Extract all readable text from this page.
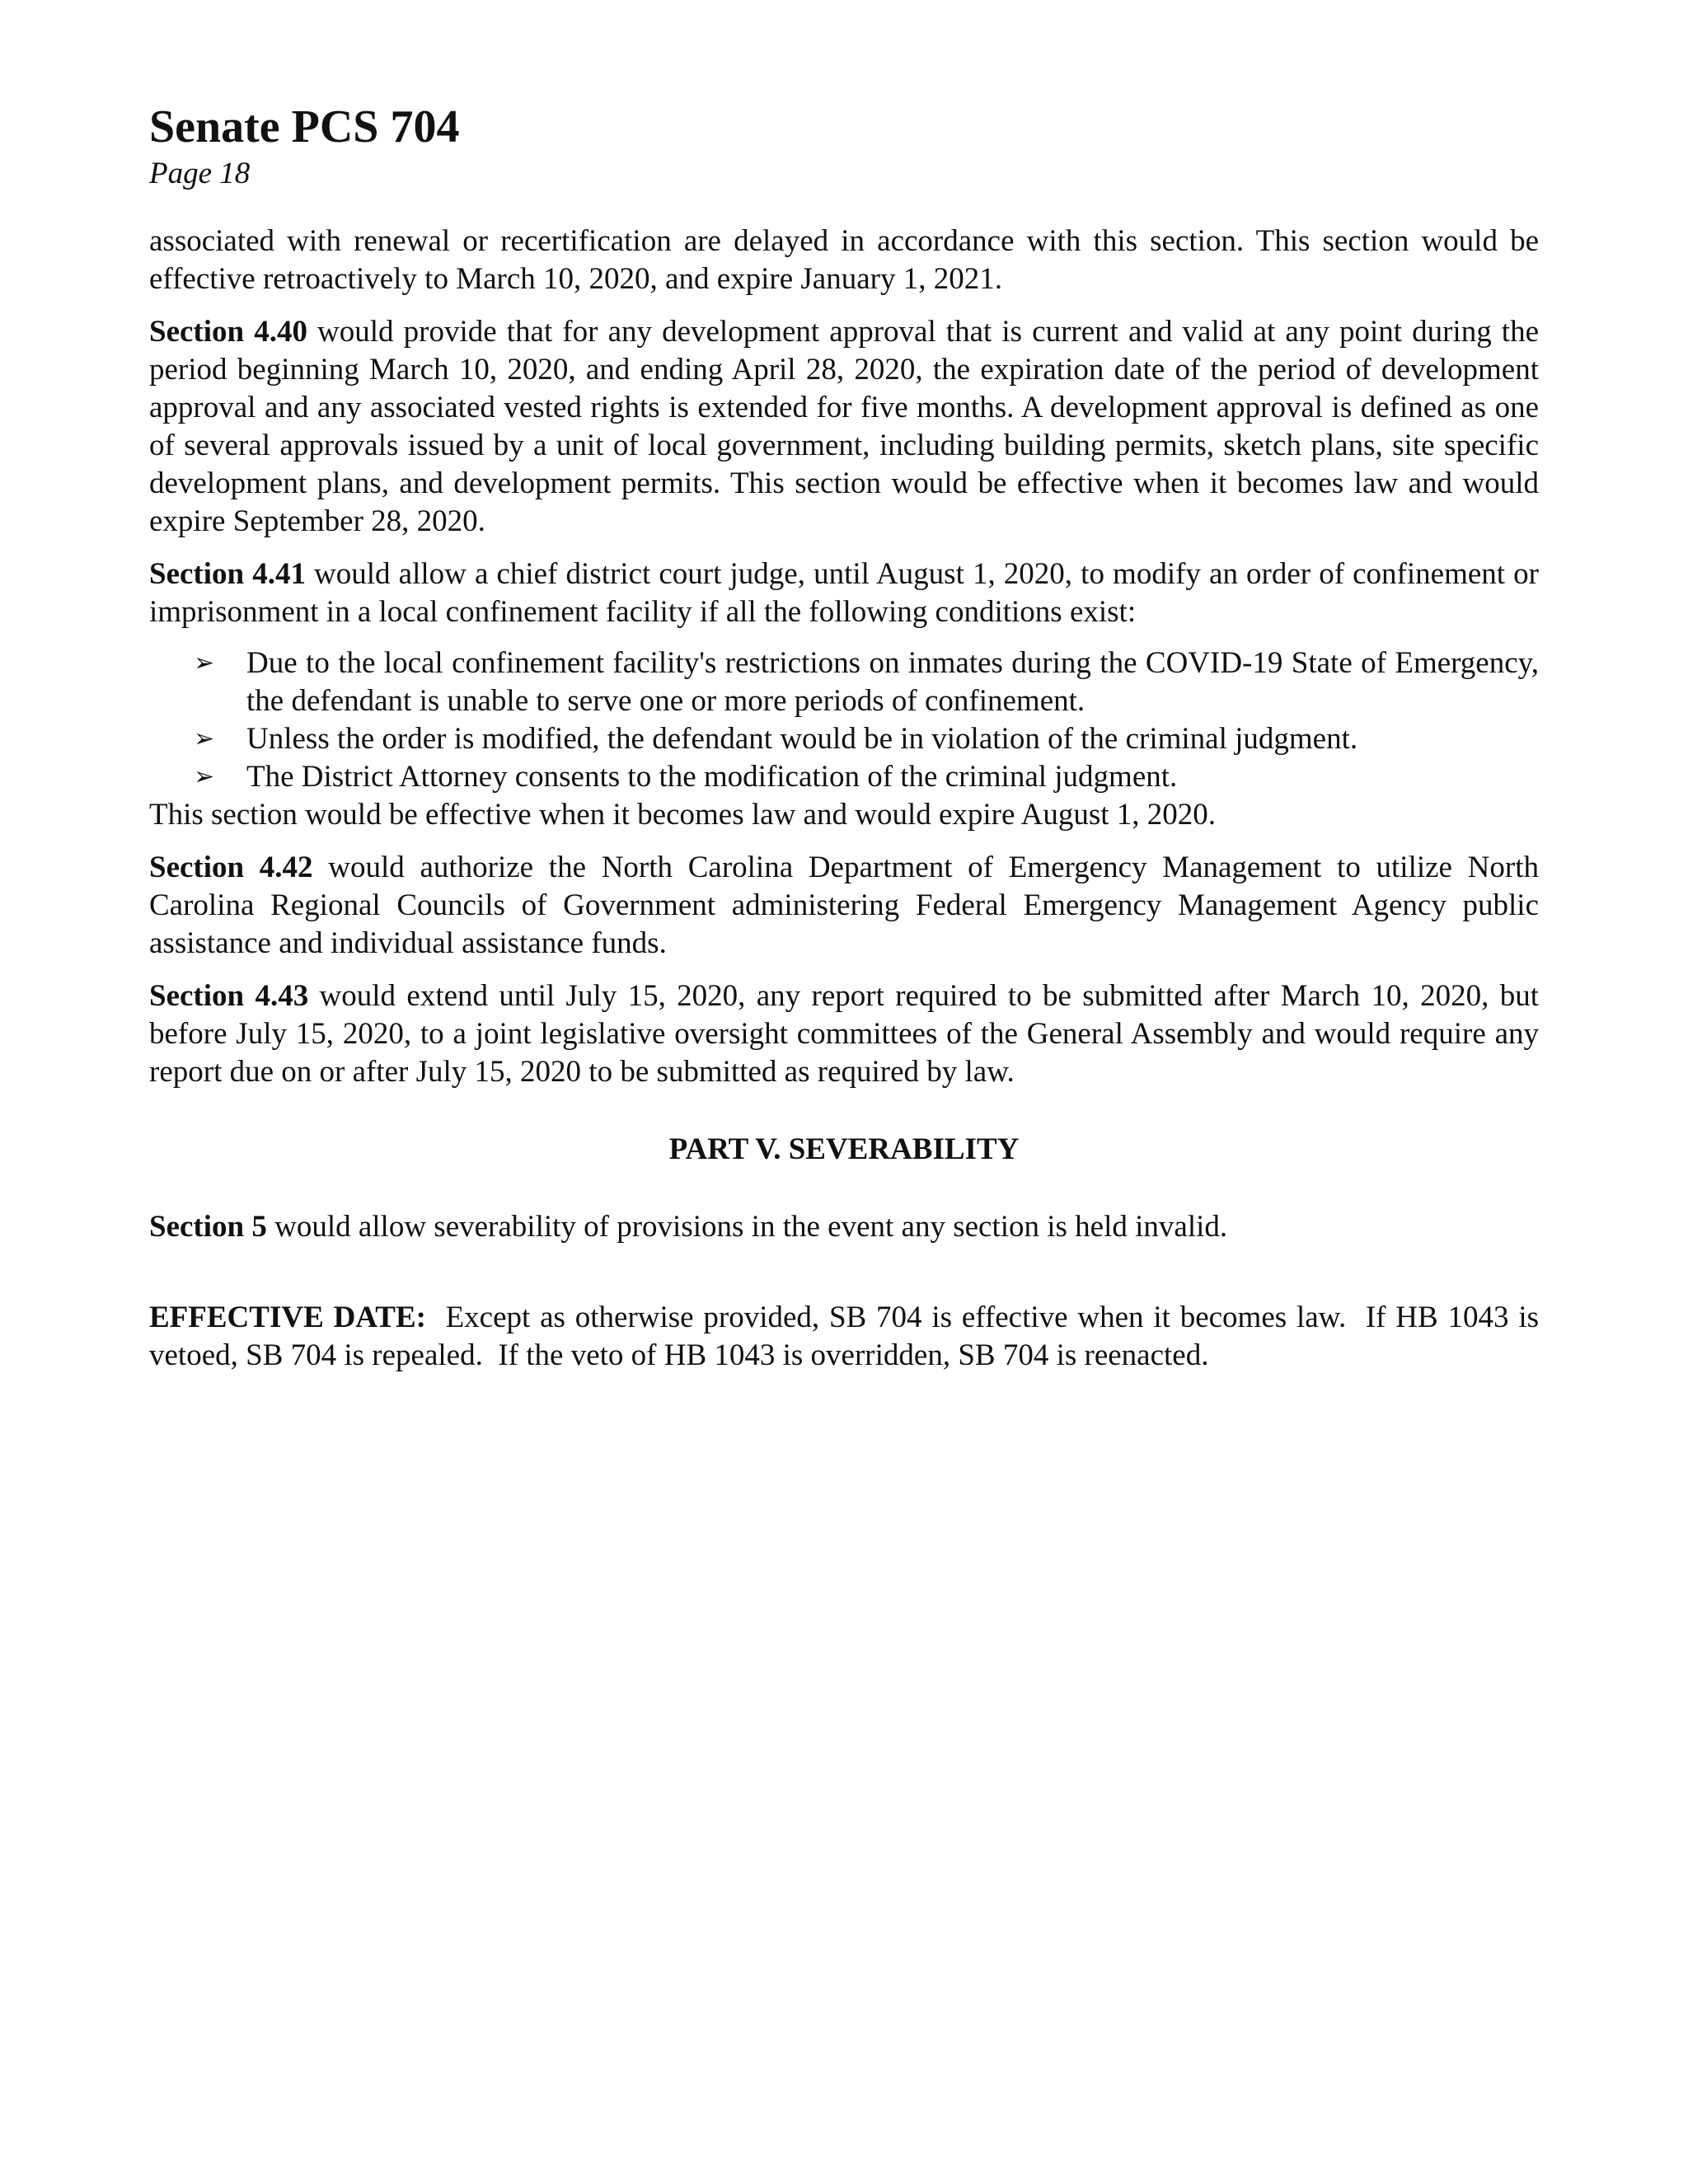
Senate PCS 704
Page 18

associated with renewal or recertification are delayed in accordance with this section. This section would be effective retroactively to March 10, 2020, and expire January 1, 2021.

Section 4.40 would provide that for any development approval that is current and valid at any point during the period beginning March 10, 2020, and ending April 28, 2020, the expiration date of the period of development approval and any associated vested rights is extended for five months. A development approval is defined as one of several approvals issued by a unit of local government, including building permits, sketch plans, site specific development plans, and development permits. This section would be effective when it becomes law and would expire September 28, 2020.

Section 4.41 would allow a chief district court judge, until August 1, 2020, to modify an order of confinement or imprisonment in a local confinement facility if all the following conditions exist:

➢ Due to the local confinement facility's restrictions on inmates during the COVID-19 State of Emergency, the defendant is unable to serve one or more periods of confinement.
➢ Unless the order is modified, the defendant would be in violation of the criminal judgment.
➢ The District Attorney consents to the modification of the criminal judgment.

This section would be effective when it becomes law and would expire August 1, 2020.

Section 4.42 would authorize the North Carolina Department of Emergency Management to utilize North Carolina Regional Councils of Government administering Federal Emergency Management Agency public assistance and individual assistance funds.

Section 4.43 would extend until July 15, 2020, any report required to be submitted after March 10, 2020, but before July 15, 2020, to a joint legislative oversight committees of the General Assembly and would require any report due on or after July 15, 2020 to be submitted as required by law.

PART V. SEVERABILITY

Section 5 would allow severability of provisions in the event any section is held invalid.

EFFECTIVE DATE:  Except as otherwise provided, SB 704 is effective when it becomes law.  If HB 1043 is vetoed, SB 704 is repealed.  If the veto of HB 1043 is overridden, SB 704 is reenacted.
